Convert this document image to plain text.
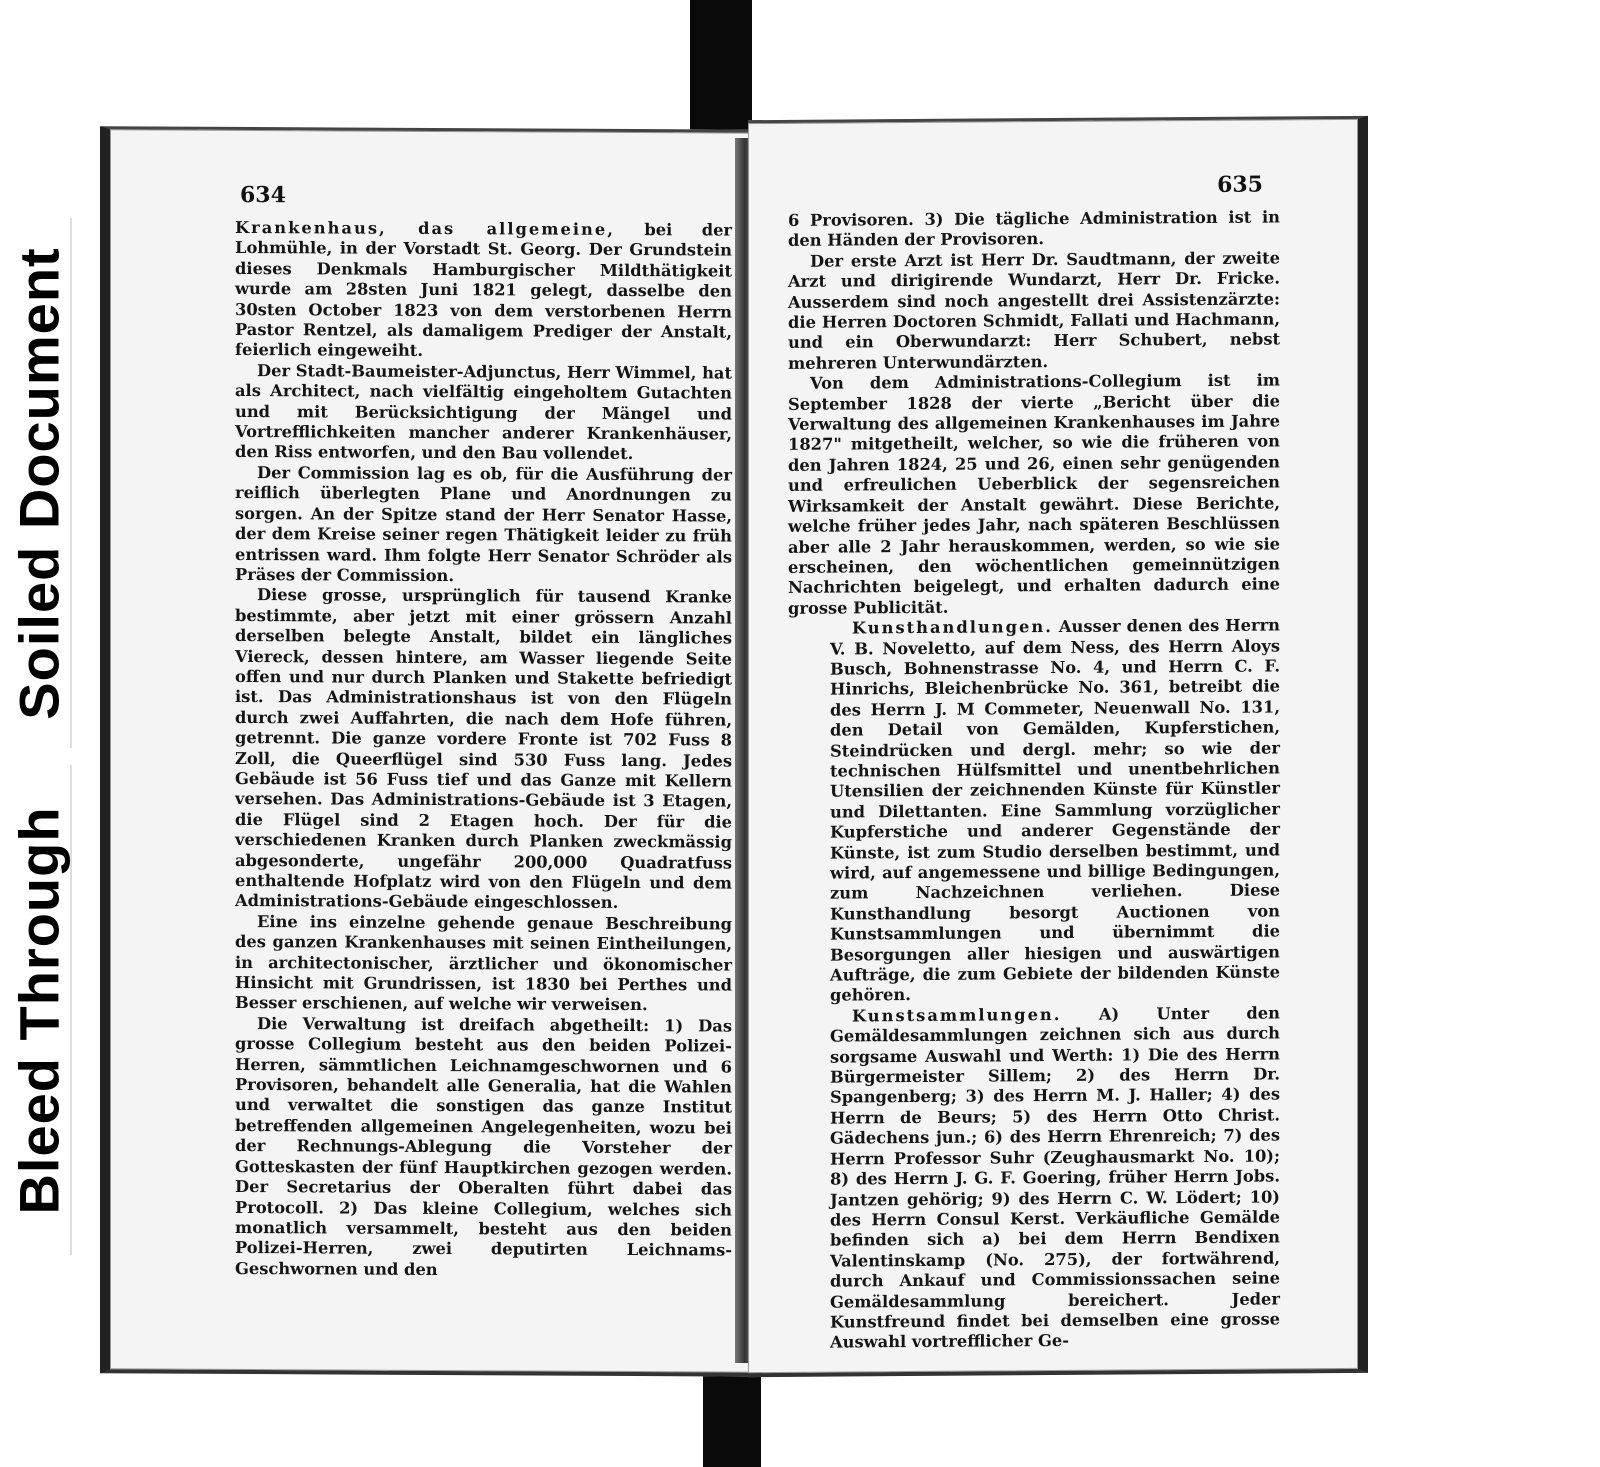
Soiled Document
Bleed Through
634

Krankenhaus, das allgemeine, bei der Lohmühle, in der Vorstadt St. Georg. Der Grundstein dieses Denkmals Hamburgischer Mildthätigkeit wurde am 28sten Juni 1821 gelegt, dasselbe den 30sten October 1823 von dem verstorbenen Herrn Pastor Rentzel, als damaligem Prediger der Anstalt, feierlich eingeweiht.

Der Stadt-Baumeister-Adjunctus, Herr Wimmel, hat als Architect, nach vielfältig eingeholtem Gutachten und mit Berücksichtigung der Mängel und Vortrefflichkeiten mancher anderer Krankenhäuser, den Riss entworfen, und den Bau vollendet.

Der Commission lag es ob, für die Ausführung der reiflich überlegten Plane und Anordnungen zu sorgen. An der Spitze stand der Herr Senator Hasse, der dem Kreise seiner regen Thätigkeit leider zu früh entrissen ward. Ihm folgte Herr Senator Schröder als Präses der Commission.

Diese grosse, ursprünglich für tausend Kranke bestimmte, aber jetzt mit einer grössern Anzahl derselben belegte Anstalt, bildet ein längliches Viereck, dessen hintere, am Wasser liegende Seite offen und nur durch Planken und Stakette befriedigt ist. Das Administrationshaus ist von den Flügeln durch zwei Auffahrten, die nach dem Hofe führen, getrennt. Die ganze vordere Fronte ist 702 Fuss 8 Zoll, die Queerflügel sind 530 Fuss lang. Jedes Gebäude ist 56 Fuss tief und das Ganze mit Kellern versehen. Das Administrations-Gebäude ist 3 Etagen, die Flügel sind 2 Etagen hoch. Der für die verschiedenen Kranken durch Planken zweckmässig abgesonderte, ungefähr 200,000 Quadratfuss enthaltende Hofplatz wird von den Flügeln und dem Administrations-Gebäude eingeschlossen.

Eine ins einzelne gehende genaue Beschreibung des ganzen Krankenhauses mit seinen Eintheilungen, in architectonischer, ärztlicher und ökonomischer Hinsicht mit Grundrissen, ist 1830 bei Perthes und Besser erschienen, auf welche wir verweisen.

Die Verwaltung ist dreifach abgetheilt: 1) Das grosse Collegium besteht aus den beiden Polizei-Herren, sämmtlichen Leichnamgeschwornen und 6 Provisoren, behandelt alle Generalia, hat die Wahlen und verwaltet die sonstigen das ganze Institut betreffenden allgemeinen Angelegenheiten, wozu bei der Rechnungs-Ablegung die Vorsteher der Gotteskasten der fünf Hauptkirchen gezogen werden. Der Secretarius der Oberalten führt dabei das Protocoll. 2) Das kleine Collegium, welches sich monatlich versammelt, besteht aus den beiden Polizei-Herren, zwei deputirten Leichnams-Geschwornen und den

635

6 Provisoren. 3) Die tägliche Administration ist in den Händen der Provisoren.

Der erste Arzt ist Herr Dr. Saudtmann, der zweite Arzt und dirigirende Wundarzt, Herr Dr. Fricke. Ausserdem sind noch angestellt drei Assistenzärzte: die Herren Doctoren Schmidt, Fallati und Hachmann, und ein Oberwundarzt: Herr Schubert, nebst mehreren Unterwundärzten.

Von dem Administrations-Collegium ist im September 1828 der vierte „Bericht über die Verwaltung des allgemeinen Krankenhauses im Jahre 1827" mitgetheilt, welcher, so wie die früheren von den Jahren 1824, 25 und 26, einen sehr genügenden und erfreulichen Ueberblick der segensreichen Wirksamkeit der Anstalt gewährt. Diese Berichte, welche früher jedes Jahr, nach späteren Beschlüssen aber alle 2 Jahr herauskommen, werden, so wie sie erscheinen, den wöchentlichen gemeinnützigen Nachrichten beigelegt, und erhalten dadurch eine grosse Publicität.

Kunsthandlungen. Ausser denen des Herrn V. B. Noveletto, auf dem Ness, des Herrn Aloys Busch, Bohnenstrasse No. 4, und Herrn C. F. Hinrichs, Bleichenbrücke No. 361, betreibt die des Herrn J. M Commeter, Neuenwall No. 131, den Detail von Gemälden, Kupferstichen, Steindrücken und dergl. mehr; so wie der technischen Hülfsmittel und unentbehrlichen Utensilien der zeichnenden Künste für Künstler und Dilettanten. Eine Sammlung vorzüglicher Kupferstiche und anderer Gegenstände der Künste, ist zum Studio derselben bestimmt, und wird, auf angemessene und billige Bedingungen, zum Nachzeichnen verliehen. Diese Kunsthandlung besorgt Auctionen von Kunstsammlungen und übernimmt die Besorgungen aller hiesigen und auswärtigen Aufträge, die zum Gebiete der bildenden Künste gehören.

Kunstsammlungen. A) Unter den Gemäldesammlungen zeichnen sich aus durch sorgsame Auswahl und Werth: 1) Die des Herrn Bürgermeister Sillem; 2) des Herrn Dr. Spangenberg; 3) des Herrn M. J. Haller; 4) des Herrn de Beurs; 5) des Herrn Otto Christ. Gädechens jun.; 6) des Herrn Ehrenreich; 7) des Herrn Professor Suhr (Zeughausmarkt No. 10); 8) des Herrn J. G. F. Goering, früher Herrn Jobs. Jantzen gehörig; 9) des Herrn C. W. Lödert; 10) des Herrn Consul Kerst. Verkäufliche Gemälde befinden sich a) bei dem Herrn Bendixen Valentinskamp (No. 275), der fortwährend, durch Ankauf und Commissionssachen seine Gemäldesammlung bereichert. Jeder Kunstfreund findet bei demselben eine grosse Auswahl vortrefflicher Ge-
